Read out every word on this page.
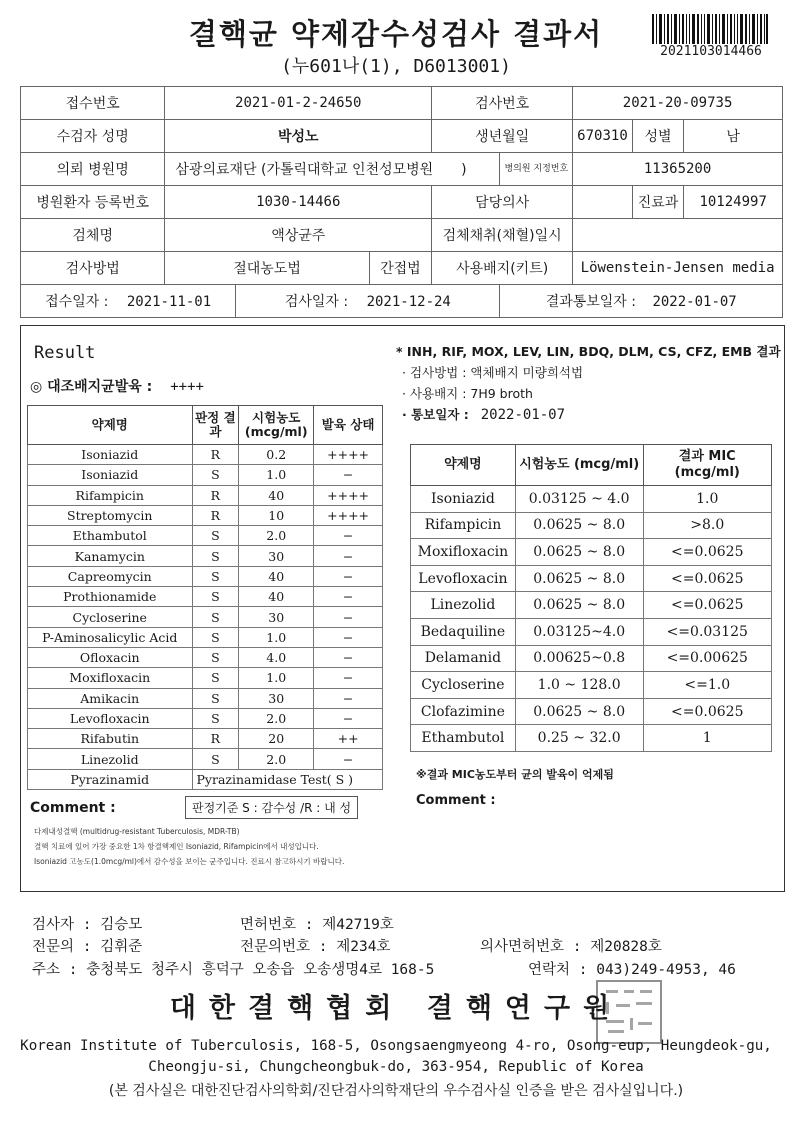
결핵균 약제감수성검사 결과서
(누601나(1), D6013001)
2021103014466
접수번호	2021-01-2-24650			검사번호		2021-20-09735		
수검자 성명	박성노			생년월일		670310	성별	남
의뢰 병원명	삼광의료재단 (가톨릭대학교 인천성모병원　　)				병의원 지정번호	11365200		
병원환자 등록번호	1030-14466			담당의사			진료과	10124997
검체명	액상균주			검체채취(채혈)일시				
검사방법	절대농도법		간접법	사용배지(키트)		Löwenstein-Jensen media		
접수일자 : 2021-11-01		검사일자 : 2021-12-24			결과통보일자 : 2022-01-07			
Result
◎ 대조배지균발육 : ++++
약제명	판정 결과	시험농도 (mcg/ml)	발육 상태
Isoniazid	R	0.2	++++
Isoniazid	S	1.0	−
Rifampicin	R	40	++++
Streptomycin	R	10	++++
Ethambutol	S	2.0	−
Kanamycin	S	30	−
Capreomycin	S	40	−
Prothionamide	S	40	−
Cycloserine	S	30	−
P-Aminosalicylic Acid	S	1.0	−
Ofloxacin	S	4.0	−
Moxifloxacin	S	1.0	−
Amikacin	S	30	−
Levofloxacin	S	2.0	−
Rifabutin	R	20	++
Linezolid	S	2.0	−
Pyrazinamid	Pyrazinamidase Test( S )		
Comment :	판정기준 S : 감수성 /R : 내 성
다제내성결핵 (multidrug-resistant Tuberculosis, MDR-TB)
결핵 치료에 있어 가장 중요한 1차 항결핵제인 Isoniazid, Rifampicin에서 내성입니다.
Isoniazid 고농도(1.0mcg/ml)에서 감수성을 보이는 균주입니다. 진료시 참고하시기 바랍니다.
* INH, RIF, MOX, LEV, LIN, BDQ, DLM, CS, CFZ, EMB 결과
· 검사방법 : 액체배지 미량희석법
· 사용배지 : 7H9 broth
· 통보일자 : 2022-01-07
약제명	시험농도 (mcg/ml)	결과 MIC (mcg/ml)
Isoniazid	0.03125 ~ 4.0	1.0
Rifampicin	0.0625 ~ 8.0	>8.0
Moxifloxacin	0.0625 ~ 8.0	<=0.0625
Levofloxacin	0.0625 ~ 8.0	<=0.0625
Linezolid	0.0625 ~ 8.0	<=0.0625
Bedaquiline	0.03125~4.0	<=0.03125
Delamanid	0.00625~0.8	<=0.00625
Cycloserine	1.0 ~ 128.0	<=1.0
Clofazimine	0.0625 ~ 8.0	<=0.0625
Ethambutol	0.25 ~ 32.0	1
※결과 MIC농도부터 균의 발육이 억제됨
Comment :
검사자 : 김승모	면허번호 : 제42719호
전문의 : 김휘준	전문의번호 : 제234호	의사면허번호 : 제20828호
주소 : 충청북도 청주시 흥덕구 오송읍 오송생명4로 168-5	연락처 : 043)249-4953, 46
대한결핵협회 결핵연구원
Korean Institute of Tuberculosis, 168-5, Osongsaengmyeong 4-ro, Osong-eup, Heungdeok-gu,
Cheongju-si, Chungcheongbuk-do, 363-954, Republic of Korea
(본 검사실은 대한진단검사의학회/진단검사의학재단의 우수검사실 인증을 받은 검사실입니다.)
